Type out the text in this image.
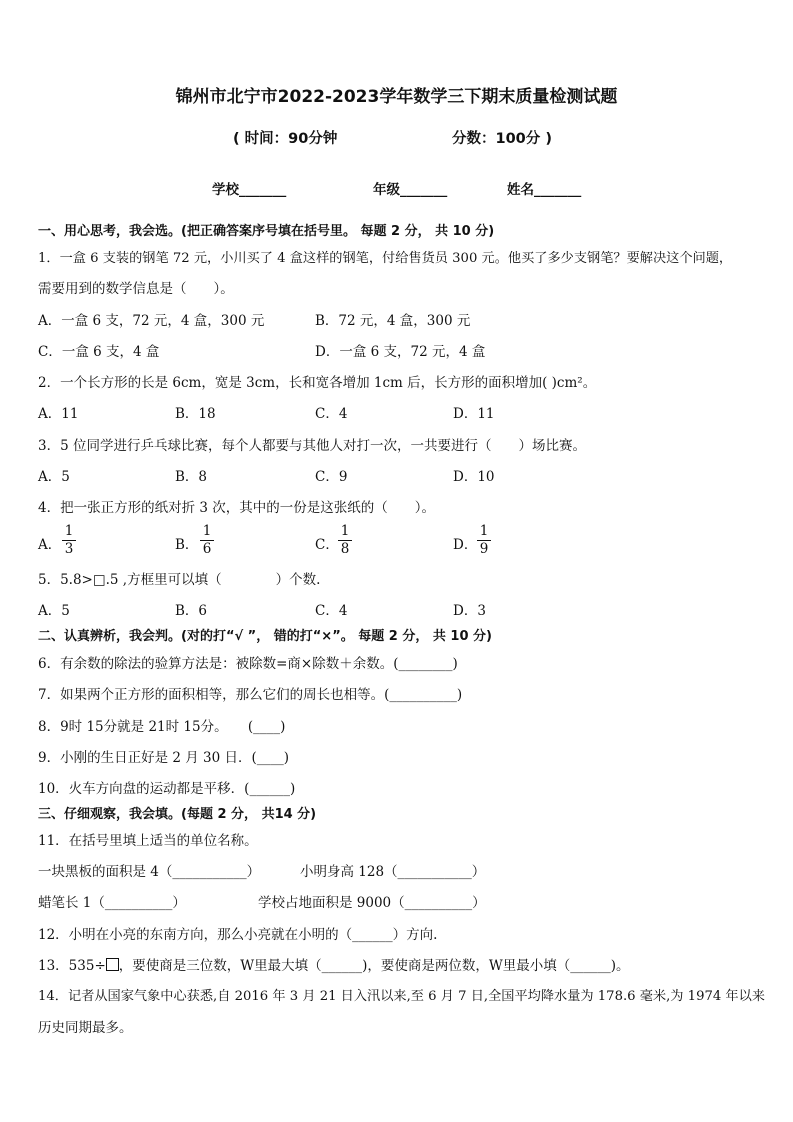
锦州市北宁市2022-2023学年数学三下期末质量检测试题
( 时间：90分钟	分数：100分 )
学校_______	年级_______	姓名_______
一、用心思考，我会选。(把正确答案序号填在括号里。 每题 2 分， 共 10 分)
1．一盒 6 支装的钢笔 72 元，小川买了 4 盒这样的钢笔，付给售货员 300 元。他买了多少支钢笔？要解决这个问题，
需要用到的数学信息是（　　）。
A．一盒 6 支，72 元，4 盒，300 元	B．72 元，4 盒，300 元
C．一盒 6 支，4 盒	D．一盒 6 支，72 元，4 盒
2．一个长方形的长是 6cm，宽是 3cm，长和宽各增加 1cm 后，长方形的面积增加( )cm²。
A．11	B．18	C．4	D．11
3．5 位同学进行乒乓球比赛，每个人都要与其他人对打一次，一共要进行（　　）场比赛。
A．5	B．8	C．9	D．10
4．把一张正方形的纸对折 3 次，其中的一份是这张纸的（　　）。
A．
1
3	B．
1
6	C．
1
8	D．
1
9
5．5.8>□.5 ,方框里可以填（　　　　）个数.
A．5	B．6	C．4	D．3
二、认真辨析，我会判。(对的打“√ ”， 错的打“×”。 每题 2 分， 共 10 分)
6．有余数的除法的验算方法是：被除数=商×除数＋余数。(________)
7．如果两个正方形的面积相等，那么它们的周长也相等。(__________)
8．9时 15分就是 21时 15分。　　(____)
9．小刚的生日正好是 2 月 30 日．(____)
10．火车方向盘的运动都是平移．(______)
三、仔细观察，我会填。(每题 2 分， 共14 分)
11．在括号里填上适当的单位名称。
一块黑板的面积是 4（___________）	小明身高 128（___________）
蜡笔长 1（__________）	学校占地面积是 9000（__________）
12．小明在小亮的东南方向，那么小亮就在小明的（______）方向.
13．535÷ ，要使商是三位数，W里最大填（______)，要使商是两位数，W里最小填（______)。
14．记者从国家气象中心获悉,自 2016 年 3 月 21 日入汛以来,至 6 月 7 日,全国平均降水量为 178.6 毫米,为 1974 年以来
历史同期最多。
